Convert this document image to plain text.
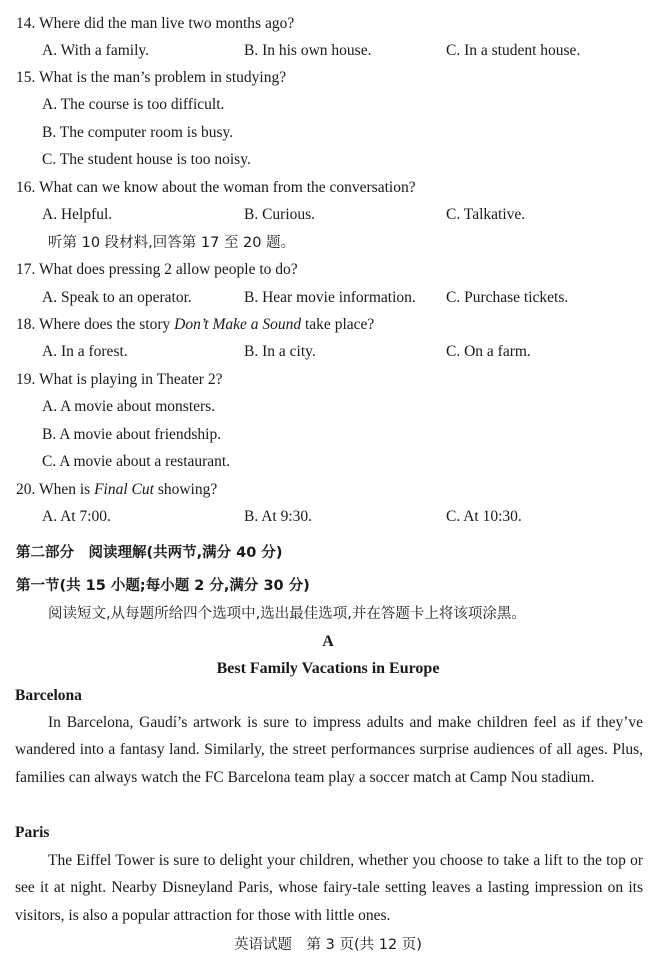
14. Where did the man live two months ago?
A. With a family.	B. In his own house.	C. In a student house.
15. What is the man’s problem in studying?
A. The course is too difficult.
B. The computer room is busy.
C. The student house is too noisy.
16. What can we know about the woman from the conversation?
A. Helpful.	B. Curious.	C. Talkative.
听第 10 段材料,回答第 17 至 20 题。
17. What does pressing 2 allow people to do?
A. Speak to an operator.	B. Hear movie information. C. Purchase tickets.
18. Where does the story Don’t Make a Sound take place?
A. In a forest.	B. In a city.	C. On a farm.
19. What is playing in Theater 2?
A. A movie about monsters.
B. A movie about friendship.
C. A movie about a restaurant.
20. When is Final Cut showing?
A. At 7:00.	B. At 9:30.	C. At 10:30.
第二部分　阅读理解(共两节,满分 40 分)
第一节(共 15 小题;每小题 2 分,满分 30 分)
阅读短文,从每题所给四个选项中,选出最佳选项,并在答题卡上将该项涂黑。
A
Best Family Vacations in Europe
Barcelona

In Barcelona, Gaudí’s artwork is sure to impress adults and make children feel as if they’ve wandered into a fantasy land. Similarly, the street performances surprise audiences of all ages. Plus, families can always watch the FC Barcelona team play a soccer match at Camp Nou stadium.

Paris

The Eiffel Tower is sure to delight your children, whether you choose to take a lift to the top or see it at night. Nearby Disneyland Paris, whose fairy-tale setting leaves a lasting impression on its visitors, is also a popular attraction for those with little ones.

英语试题　第 3 页(共 12 页)
